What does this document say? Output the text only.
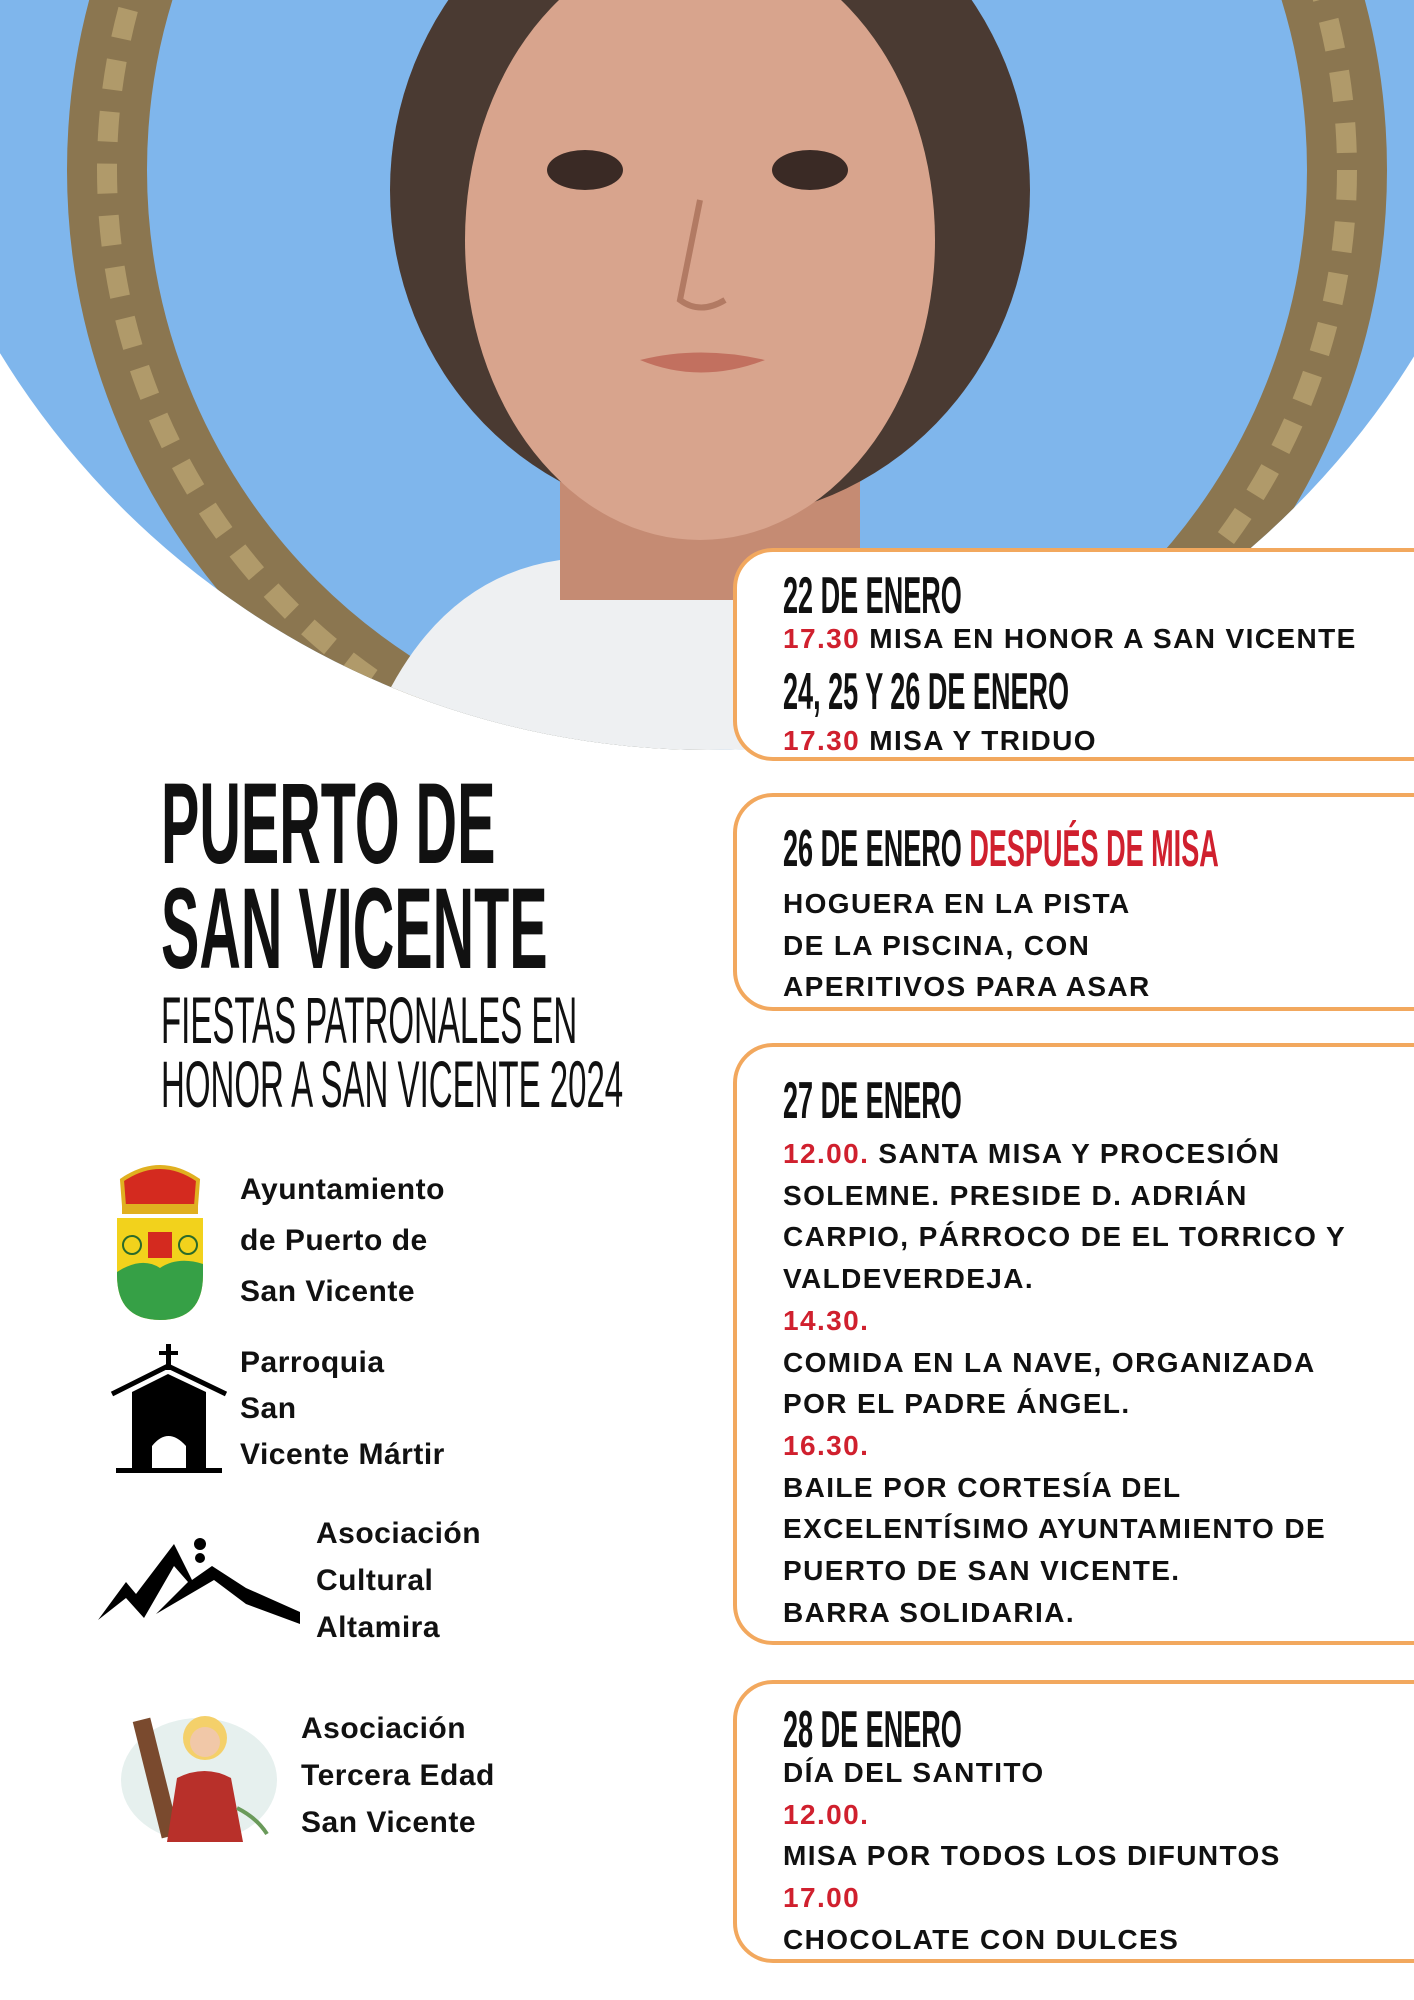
PUERTO DE
SAN VICENTE
FIESTAS PATRONALES EN
HONOR A SAN VICENTE 2024
22 DE ENERO
17.30 MISA EN HONOR A SAN VICENTE
24, 25 Y 26 DE ENERO
17.30 MISA Y TRIDUO
26 DE ENERO DESPUÉS DE MISA
HOGUERA EN LA PISTA
DE LA PISCINA, CON
APERITIVOS PARA ASAR
27 DE ENERO
12.00. SANTA MISA Y PROCESIÓN
SOLEMNE. PRESIDE D. ADRIÁN
CARPIO, PÁRROCO DE EL TORRICO Y
VALDEVERDEJA.
14.30.
COMIDA EN LA NAVE, ORGANIZADA
POR EL PADRE ÁNGEL.
16.30.
BAILE POR CORTESÍA DEL
EXCELENTÍSIMO AYUNTAMIENTO DE
PUERTO DE SAN VICENTE.
BARRA SOLIDARIA.
28 DE ENERO
DÍA DEL SANTITO
12.00.
MISA POR TODOS LOS DIFUNTOS
17.00
CHOCOLATE CON DULCES
Ayuntamiento
de Puerto de
San Vicente
Parroquia
San
Vicente Mártir
Asociación
Cultural
Altamira
Asociación
Tercera Edad
San Vicente
